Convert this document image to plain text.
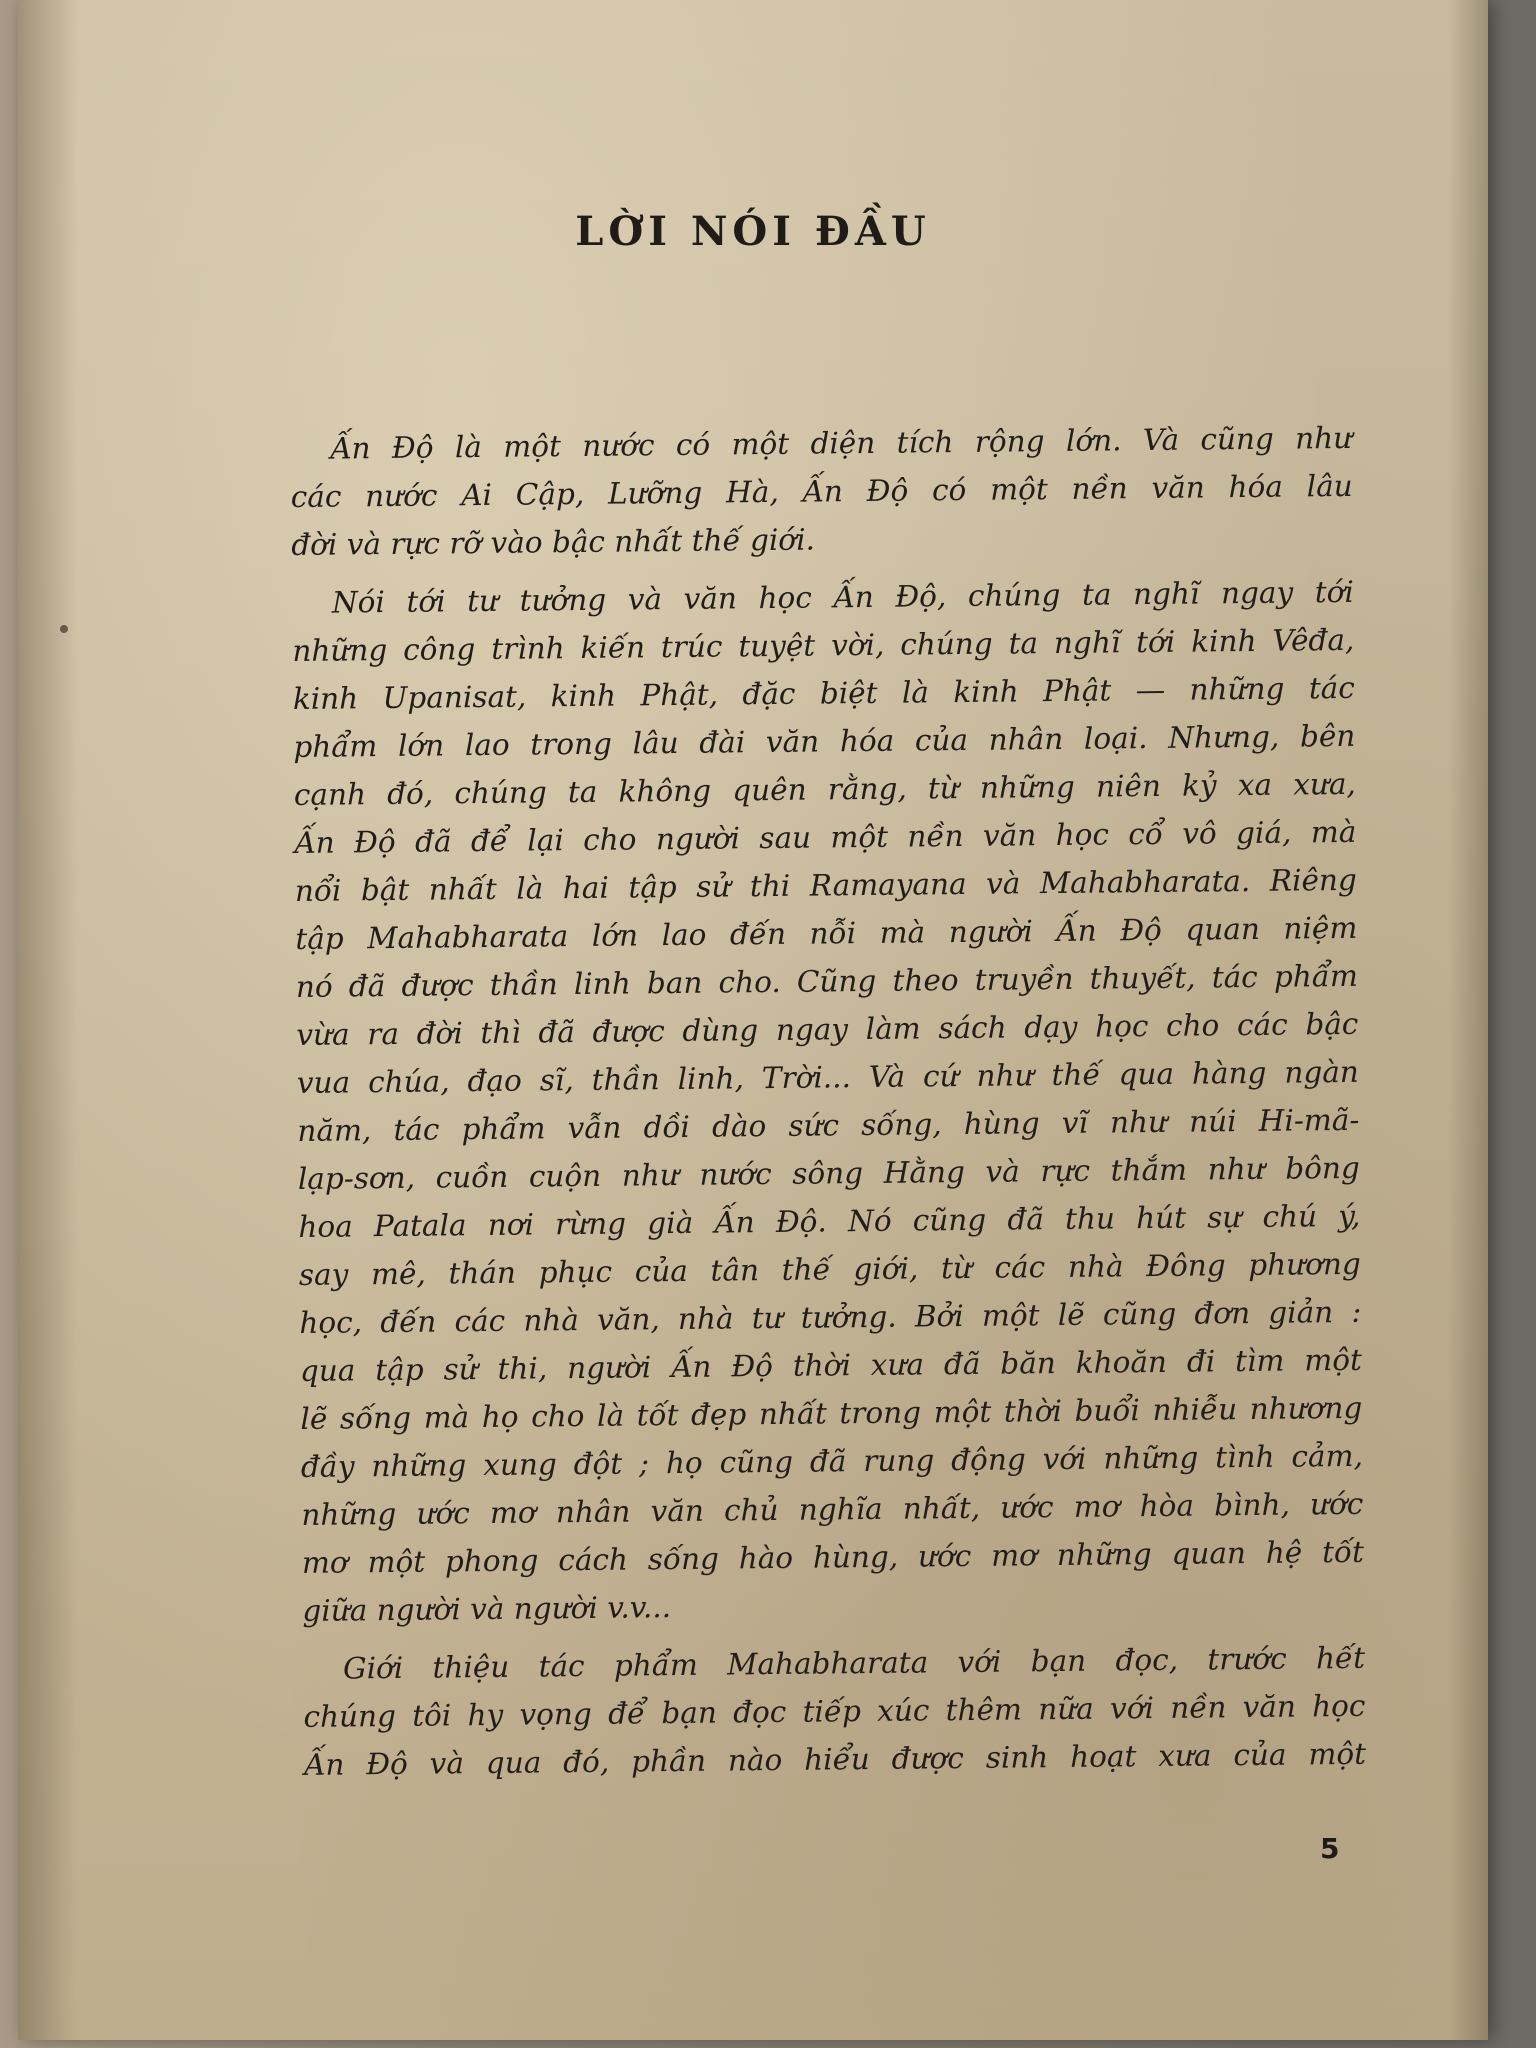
LỜI NÓI ĐẦU
Ấn Độ là một nước có một diện tích rộng lớn. Và cũng như
các nước Ai Cập, Lưỡng Hà, Ấn Độ có một nền văn hóa lâu
đời và rực rỡ vào bậc nhất thế giới.
Nói tới tư tưởng và văn học Ấn Độ, chúng ta nghĩ ngay tới
những công trình kiến trúc tuyệt vời, chúng ta nghĩ tới kinh Vêđa,
kinh Upanisat, kinh Phật, đặc biệt là kinh Phật — những tác
phẩm lớn lao trong lâu đài văn hóa của nhân loại. Nhưng, bên
cạnh đó, chúng ta không quên rằng, từ những niên kỷ xa xưa,
Ấn Độ đã để lại cho người sau một nền văn học cổ vô giá, mà
nổi bật nhất là hai tập sử thi Ramayana và Mahabharata. Riêng
tập Mahabharata lớn lao đến nỗi mà người Ấn Độ quan niệm
nó đã được thần linh ban cho. Cũng theo truyền thuyết, tác phẩm
vừa ra đời thì đã được dùng ngay làm sách dạy học cho các bậc
vua chúa, đạo sĩ, thần linh, Trời... Và cứ như thế qua hàng ngàn
năm, tác phẩm vẫn dồi dào sức sống, hùng vĩ như núi Hi-mã-
lạp-sơn, cuồn cuộn như nước sông Hằng và rực thắm như bông
hoa Patala nơi rừng già Ấn Độ. Nó cũng đã thu hút sự chú ý,
say mê, thán phục của tân thế giới, từ các nhà Đông phương
học, đến các nhà văn, nhà tư tưởng. Bởi một lẽ cũng đơn giản :
qua tập sử thi, người Ấn Độ thời xưa đã băn khoăn đi tìm một
lẽ sống mà họ cho là tốt đẹp nhất trong một thời buổi nhiễu nhương
đầy những xung đột ; họ cũng đã rung động với những tình cảm,
những ước mơ nhân văn chủ nghĩa nhất, ước mơ hòa bình, ước
mơ một phong cách sống hào hùng, ước mơ những quan hệ tốt
giữa người và người v.v...
Giới thiệu tác phẩm Mahabharata với bạn đọc, trước hết
chúng tôi hy vọng để bạn đọc tiếp xúc thêm nữa với nền văn học
Ấn Độ và qua đó, phần nào hiểu được sinh hoạt xưa của một
5
